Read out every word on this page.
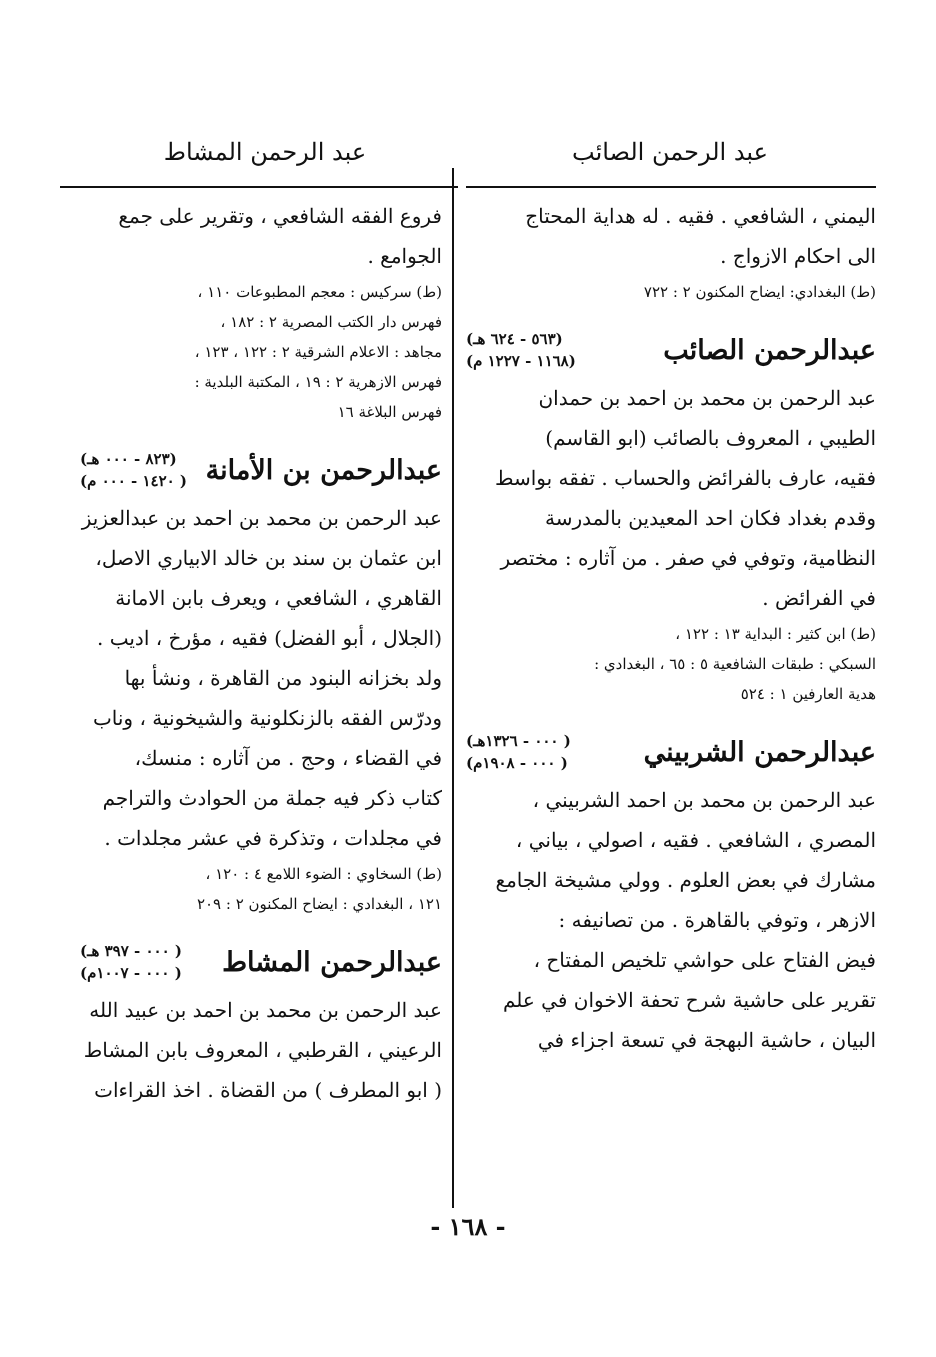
عبد الرحمن الصائب
عبد الرحمن المشاط

اليمني ، الشافعي . فقيه . له هداية المحتاج

الى احكام الازواج .

(ط) البغدادي: ايضاح المكنون ٢ : ٧٢٢

عبدالرحمن الصائب
(٥٦٣ - ٦٢٤ هـ)
(١١٦٨ - ١٢٢٧ م)

عبد الرحمن بن محمد بن احمد بن حمدان

الطيبي ، المعروف بالصائب (ابو القاسم)

فقيه، عارف بالفرائض والحساب . تفقه بواسط

وقدم بغداد فكان احد المعيدين بالمدرسة

النظامية، وتوفي في صفر . من آثاره : مختصر

في الفرائض .

(ط) ابن كثير : البداية ١٣ : ١٢٢ ،

السبكي : طبقات الشافعية ٥ : ٦٥ ، البغدادي :

هدية العارفين ١ : ٥٢٤

عبدالرحمن الشربيني
( ٠٠٠ - ١٣٢٦هـ)
( ٠٠٠ - ١٩٠٨م)

عبد الرحمن بن محمد بن احمد الشربيني ،

المصري ، الشافعي . فقيه ، اصولي ، بياني ،

مشارك في بعض العلوم . وولي مشيخة الجامع

الازهر ، وتوفي بالقاهرة . من تصانيفه :

فيض الفتاح على حواشي تلخيص المفتاح ،

تقرير على حاشية شرح تحفة الاخوان في علم

البيان ، حاشية البهجة في تسعة اجزاء في

فروع الفقه الشافعي ، وتقرير على جمع

الجوامع .

(ط) سركيس : معجم المطبوعات ١١٠ ،

فهرس دار الكتب المصرية ٢ : ١٨٢ ،

مجاهد : الاعلام الشرقية ٢ : ١٢٢ ، ١٢٣ ،

فهرس الازهرية ٢ : ١٩ ، المكتبة البلدية :

فهرس البلاغة ١٦

عبدالرحمن بن الأمانة
(٨٢٣ - ٠٠٠ هـ)
( ١٤٢٠ - ٠٠٠ م)

عبد الرحمن بن محمد بن احمد بن عبدالعزيز

ابن عثمان بن سند بن خالد الابياري الاصل،

القاهري ، الشافعي ، ويعرف بابن الامانة

(الجلال ، أبو الفضل) فقيه ، مؤرخ ، اديب .

ولد بخزانه البنود من القاهرة ، ونشأ بها

ودرّس الفقه بالزنكلونية والشيخونية ، وناب

في القضاء ، وحج . من آثاره : منسك،

كتاب ذكر فيه جملة من الحوادث والتراجم

في مجلدات ، وتذكرة في عشر مجلدات .

(ط) السخاوي : الضوء اللامع ٤ : ١٢٠ ،

١٢١ ، البغدادي : ايضاح المكنون ٢ : ٢٠٩

عبدالرحمن المشاط
( ٠٠٠ - ٣٩٧ هـ)
( ٠٠٠ - ١٠٠٧م)

عبد الرحمن بن محمد بن احمد بن عبيد الله

الرعيني ، القرطبي ، المعروف بابن المشاط

( ابو المطرف ) من القضاة . اخذ القراءات

- ١٦٨ -
